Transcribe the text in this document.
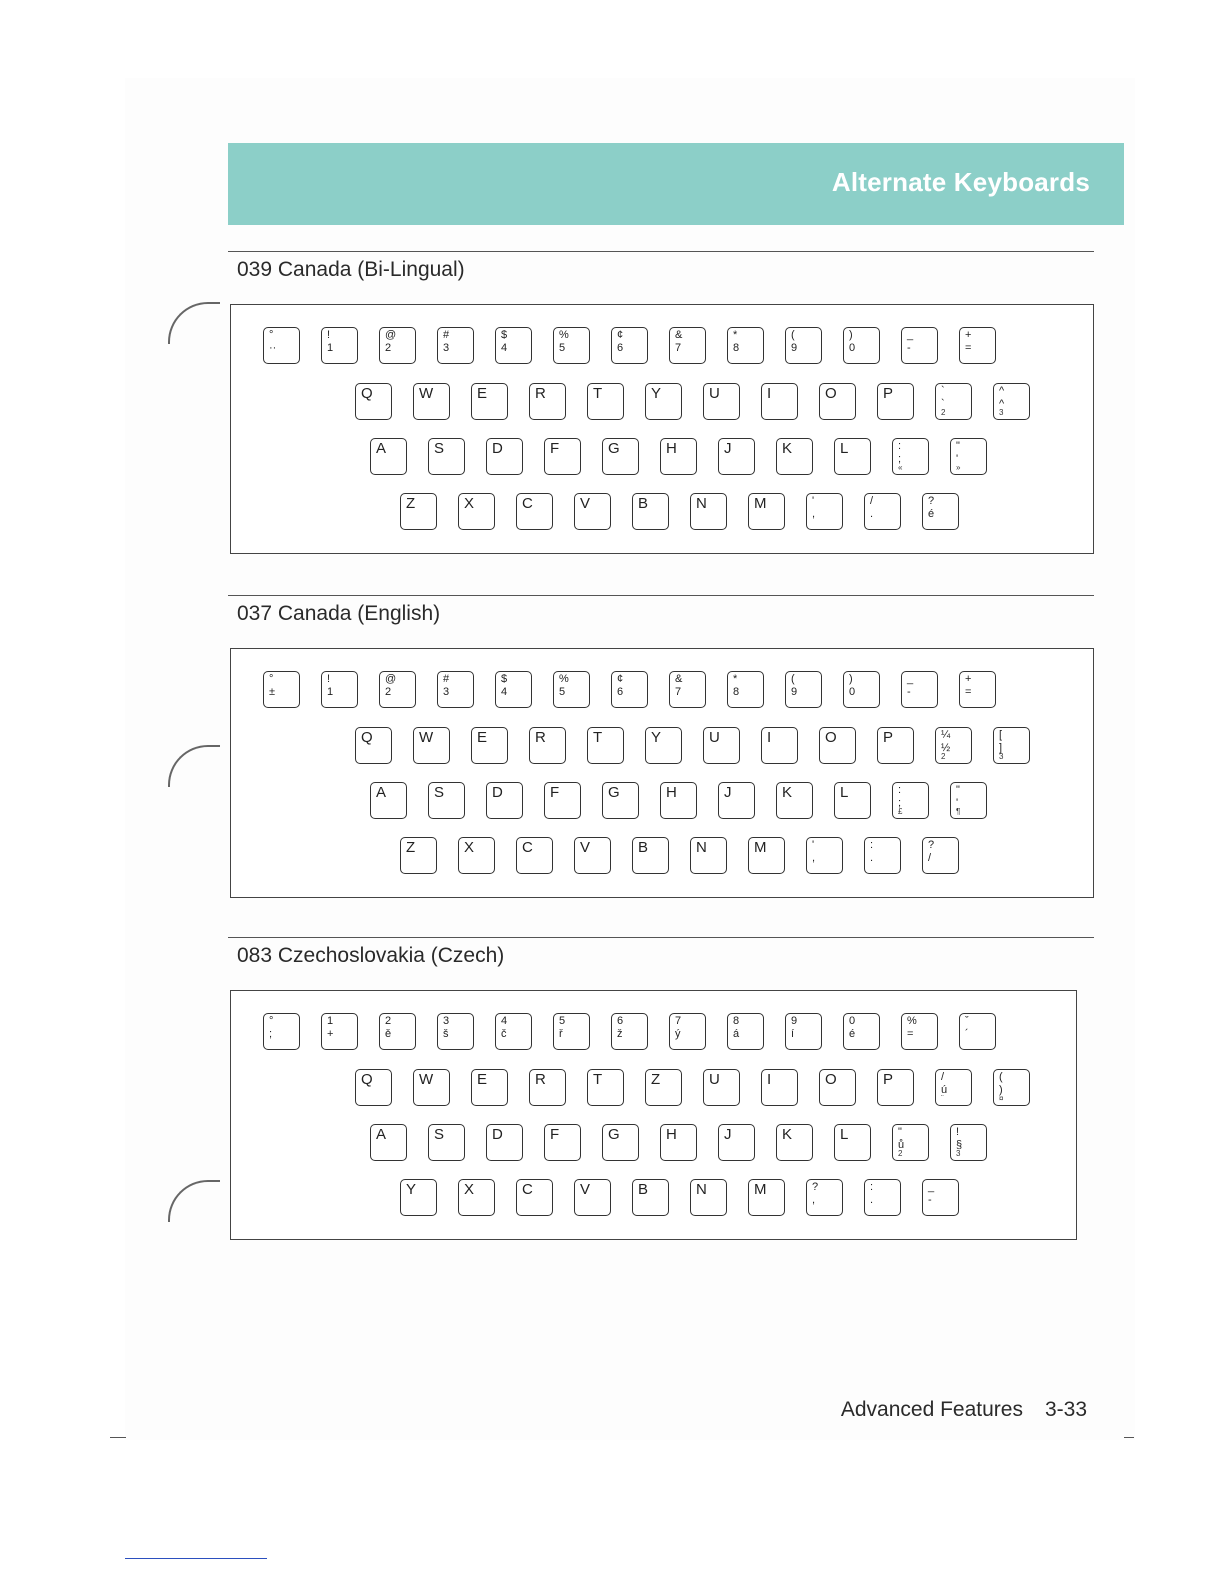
Alternate Keyboards
039 Canada (Bi-Lingual)
°
··
!
1
@
2
#
3
$
4
%
5
¢
6
&
7
*
8
(
9
)
0
_
-
+
=
Q	W	E	R	T	Y	U	I	O	P	`
`
2
^
^
3
A	S	D	F	G	H	J	K	L	:
;
«
"
'
»
Z	X	C	V	B	N	M	'
,
/
.
?
é
037 Canada (English)
°
±
!
1
@
2
#
3
$
4
%
5
¢
6
&
7
*
8
(
9
)
0
_
-
+
=
Q	W	E	R	T	Y	U	I	O	P	¼
½
2
[
]
3
A	S	D	F	G	H	J	K	L	:
;
£
"
'
¶
Z	X	C	V	B	N	M	'
,
:
.
?
/
083 Czechoslovakia (Czech)
°
;
1
+
2
ě
3
š
4
č
5
ř
6
ž
7
ý
8
á
9
í
0
é
%
=
ˇ
´
Q	W	E	R	T	Z	U	I	O	P	/
ú
¨
(
)
¤
A	S	D	F	G	H	J	K	L	"
ů
2
!
§
3
Y	X	C	V	B	N	M	?
,
:
.
_
-
Advanced Features 3-33
